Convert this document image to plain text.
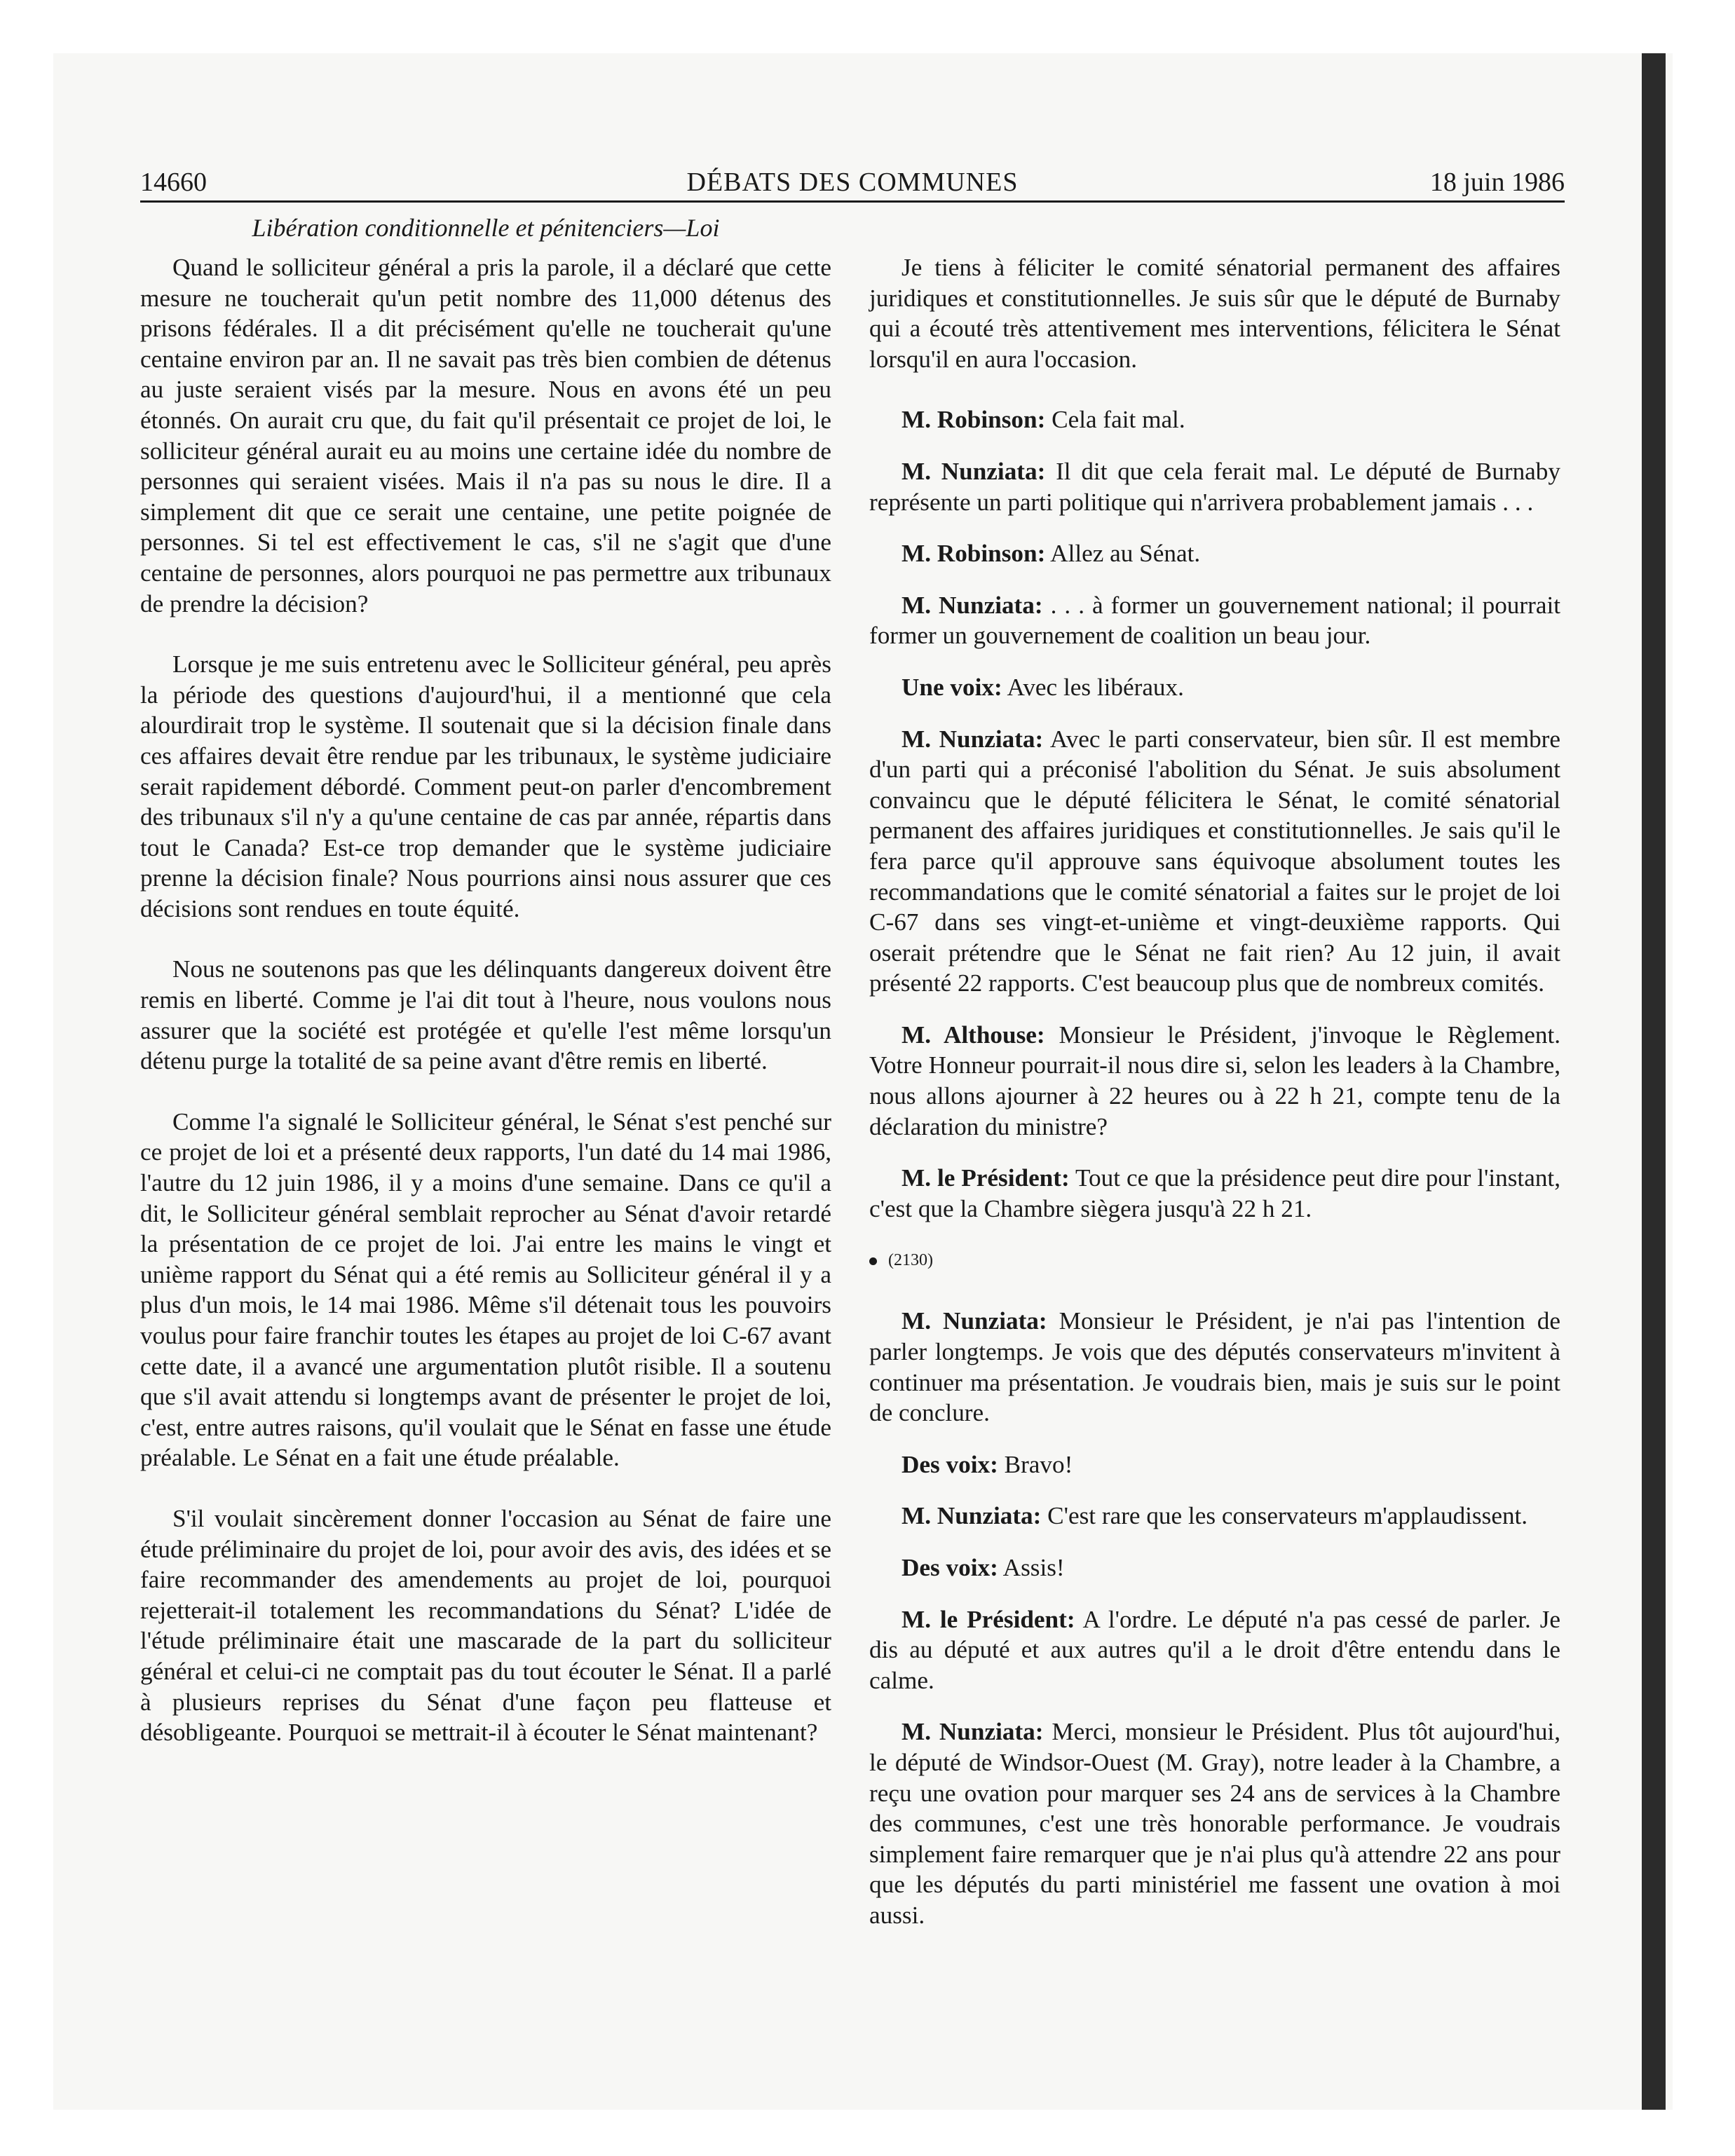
14660	DÉBATS DES COMMUNES	18 juin 1986
Libération conditionnelle et pénitenciers—Loi

Quand le solliciteur général a pris la parole, il a déclaré que cette mesure ne toucherait qu'un petit nombre des 11,000 détenus des prisons fédérales. Il a dit précisément qu'elle ne toucherait qu'une centaine environ par an. Il ne savait pas très bien combien de détenus au juste seraient visés par la mesure. Nous en avons été un peu étonnés. On aurait cru que, du fait qu'il présentait ce projet de loi, le solliciteur général aurait eu au moins une certaine idée du nombre de personnes qui seraient visées. Mais il n'a pas su nous le dire. Il a simplement dit que ce serait une centaine, une petite poignée de personnes. Si tel est effectivement le cas, s'il ne s'agit que d'une centaine de personnes, alors pourquoi ne pas permettre aux tribunaux de prendre la décision?

Lorsque je me suis entretenu avec le Solliciteur général, peu après la période des questions d'aujourd'hui, il a mentionné que cela alourdirait trop le système. Il soutenait que si la décision finale dans ces affaires devait être rendue par les tribunaux, le système judiciaire serait rapidement débordé. Comment peut-on parler d'encombrement des tribunaux s'il n'y a qu'une centaine de cas par année, répartis dans tout le Canada? Est-ce trop demander que le système judiciaire prenne la décision finale? Nous pourrions ainsi nous assurer que ces décisions sont rendues en toute équité.

Nous ne soutenons pas que les délinquants dangereux doivent être remis en liberté. Comme je l'ai dit tout à l'heure, nous voulons nous assurer que la société est protégée et qu'elle l'est même lorsqu'un détenu purge la totalité de sa peine avant d'être remis en liberté.

Comme l'a signalé le Solliciteur général, le Sénat s'est penché sur ce projet de loi et a présenté deux rapports, l'un daté du 14 mai 1986, l'autre du 12 juin 1986, il y a moins d'une semaine. Dans ce qu'il a dit, le Solliciteur général semblait reprocher au Sénat d'avoir retardé la présentation de ce projet de loi. J'ai entre les mains le vingt et unième rapport du Sénat qui a été remis au Solliciteur général il y a plus d'un mois, le 14 mai 1986. Même s'il détenait tous les pouvoirs voulus pour faire franchir toutes les étapes au projet de loi C-67 avant cette date, il a avancé une argumentation plutôt risible. Il a soutenu que s'il avait attendu si longtemps avant de présenter le projet de loi, c'est, entre autres raisons, qu'il voulait que le Sénat en fasse une étude préalable. Le Sénat en a fait une étude préalable.

S'il voulait sincèrement donner l'occasion au Sénat de faire une étude préliminaire du projet de loi, pour avoir des avis, des idées et se faire recommander des amendements au projet de loi, pourquoi rejetterait-il totalement les recommandations du Sénat? L'idée de l'étude préliminaire était une mascarade de la part du solliciteur général et celui-ci ne comptait pas du tout écouter le Sénat. Il a parlé à plusieurs reprises du Sénat d'une façon peu flatteuse et désobligeante. Pourquoi se mettrait-il à écouter le Sénat maintenant?

Je tiens à féliciter le comité sénatorial permanent des affaires juridiques et constitutionnelles. Je suis sûr que le député de Burnaby qui a écouté très attentivement mes interventions, félicitera le Sénat lorsqu'il en aura l'occasion.

M. Robinson: Cela fait mal.

M. Nunziata: Il dit que cela ferait mal. Le député de Burnaby représente un parti politique qui n'arrivera probablement jamais . . .

M. Robinson: Allez au Sénat.

M. Nunziata: . . . à former un gouvernement national; il pourrait former un gouvernement de coalition un beau jour.

Une voix: Avec les libéraux.

M. Nunziata: Avec le parti conservateur, bien sûr. Il est membre d'un parti qui a préconisé l'abolition du Sénat. Je suis absolument convaincu que le député félicitera le Sénat, le comité sénatorial permanent des affaires juridiques et constitutionnelles. Je sais qu'il le fera parce qu'il approuve sans équivoque absolument toutes les recommandations que le comité sénatorial a faites sur le projet de loi C-67 dans ses vingt-et-unième et vingt-deuxième rapports. Qui oserait prétendre que le Sénat ne fait rien? Au 12 juin, il avait présenté 22 rapports. C'est beaucoup plus que de nombreux comités.

M. Althouse: Monsieur le Président, j'invoque le Règlement. Votre Honneur pourrait-il nous dire si, selon les leaders à la Chambre, nous allons ajourner à 22 heures ou à 22 h 21, compte tenu de la déclaration du ministre?

M. le Président: Tout ce que la présidence peut dire pour l'instant, c'est que la Chambre siègera jusqu'à 22 h 21.

(2130)

M. Nunziata: Monsieur le Président, je n'ai pas l'intention de parler longtemps. Je vois que des députés conservateurs m'invitent à continuer ma présentation. Je voudrais bien, mais je suis sur le point de conclure.

Des voix: Bravo!

M. Nunziata: C'est rare que les conservateurs m'applaudissent.

Des voix: Assis!

M. le Président: A l'ordre. Le député n'a pas cessé de parler. Je dis au député et aux autres qu'il a le droit d'être entendu dans le calme.

M. Nunziata: Merci, monsieur le Président. Plus tôt aujourd'hui, le député de Windsor-Ouest (M. Gray), notre leader à la Chambre, a reçu une ovation pour marquer ses 24 ans de services à la Chambre des communes, c'est une très honorable performance. Je voudrais simplement faire remarquer que je n'ai plus qu'à attendre 22 ans pour que les députés du parti ministériel me fassent une ovation à moi aussi.
